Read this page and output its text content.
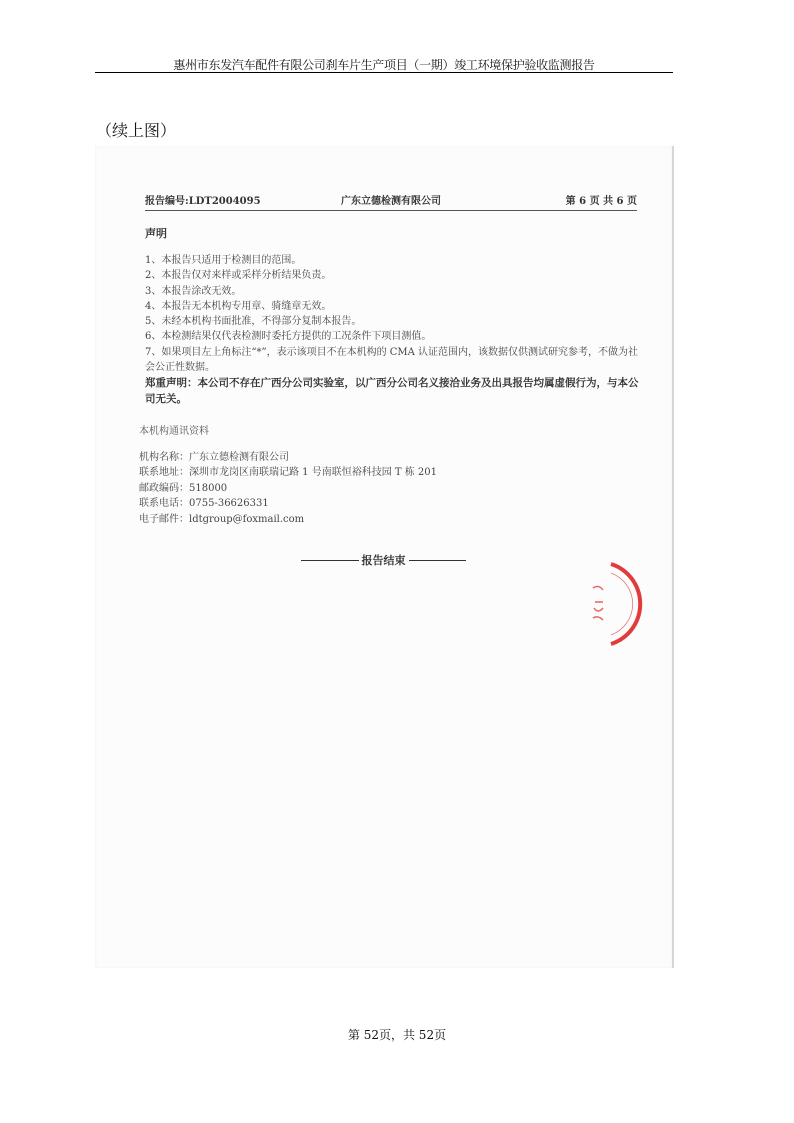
惠州市东发汽车配件有限公司刹车片生产项目（一期）竣工环境保护验收监测报告
（续上图）
报告编号:LDT2004095	广东立德检测有限公司	第 6 页 共 6 页
声明
1、本报告只适用于检测目的范围。
2、本报告仅对来样或采样分析结果负责。
3、本报告涂改无效。
4、本报告无本机构专用章、骑缝章无效。
5、未经本机构书面批准，不得部分复制本报告。
6、本检测结果仅代表检测时委托方提供的工况条件下项目测值。
7、如果项目左上角标注“*”，表示该项目不在本机构的 CMA 认证范围内，该数据仅供测试研究参考，不做为社会公正性数据。
郑重声明：本公司不存在广西分公司实验室，以广西分公司名义接洽业务及出具报告均属虚假行为，与本公司无关。
本机构通讯资料
机构名称：广东立德检测有限公司
联系地址：深圳市龙岗区南联瑞记路 1 号南联恒裕科技园 T 栋 201
邮政编码：518000
联系电话：0755-36626331
电子邮件：ldtgroup@foxmail.com
报告结束
第 52页，共 52页
